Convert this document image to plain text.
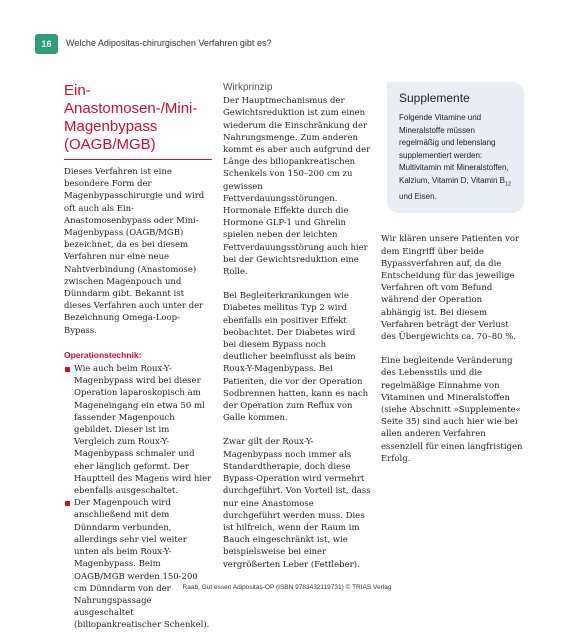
16	Welche Adipositas-chirurgischen Verfahren gibt es?
Ein-Anastomosen-/Mini-Magenbypass (OAGB/MGB)

Dieses Verfahren ist eine besondere Form der Magenbypasschirurgie und wird oft auch als Ein-Anastomosenbypass oder Mini-Magenbypass (OAGB/MGB) bezeichnet, da es bei diesem Verfahren nur eine neue Nahtverbindung (Anastomose) zwischen Magenpouch und Dünndarm gibt. Bekannt ist dieses Verfahren auch unter der Bezeichnung Omega-Loop-Bypass.

Operationstechnik:
Wie auch beim Roux-Y-Magenbypass wird bei dieser Operation laparoskopisch am Mageneingang ein etwa 50 ml fassender Magenpouch gebildet. Dieser ist im Vergleich zum Roux-Y-Magenbypass schmaler und eher länglich geformt. Der Hauptteil des Magens wird hier ebenfalls ausgeschaltet.
Der Magenpouch wird anschließend mit dem Dünndarm verbunden, allerdings sehr viel weiter unten als beim Roux-Y-Magenbypass. Beim OAGB/MGB werden 150-200 cm Dünndarm von der Nahrungspassage ausgeschaltet (biliopankreatischer Schenkel).
Wirkprinzip

Der Hauptmechanismus der Gewichtsreduktion ist zum einen wiederum die Einschränkung der Nahrungsmenge. Zum anderen kommt es aber auch aufgrund der Länge des biliopankreatischen Schenkels von 150–200 cm zu gewissen Fettverdauungsstörungen. Hormonale Effekte durch die Hormone GLP-1 und Ghrelin spielen neben der leichten Fettverdauungsstörung auch hier bei der Gewichtsreduktion eine Rolle.

Bei Begleiterkrankungen wie Diabetes mellitus Typ 2 wird ebenfalls ein positiver Effekt beobachtet. Der Diabetes wird bei diesem Bypass noch deutlicher beeinflusst als beim Roux-Y-Magenbypass. Bei Patienten, die vor der Operation Sodbrennen hatten, kann es nach der Operation zum Reflux von Galle kommen.

Zwar gilt der Roux-Y-Magenbypass noch immer als Standardtherapie, doch diese Bypass-Operation wird vermehrt durchgeführt. Von Vorteil ist, dass nur eine Anastomose durchgeführt werden muss. Dies ist hilfreich, wenn der Raum im Bauch eingeschränkt ist, wie beispielsweise bei einer vergrößerten Leber (Fettleber).

Supplemente
Folgende Vitamine und Mineralstoffe müssen regelmäßig und lebenslang supplementiert werden: Multivitamin mit Mineralstoffen, Kalzium, Vitamin D, Vitamin $B_{12}$ und Eisen.

Wir klären unsere Patienten vor dem Eingriff über beide Bypassverfahren auf, da die Entscheidung für das jeweilige Verfahren oft vom Befund während der Operation abhängig ist. Bei diesem Verfahren beträgt der Verlust des Übergewichts ca. 70–80 %.

Eine begleitende Veränderung des Lebensstils und die regelmäßige Einnahme von Vitaminen und Mineralstoffen (siehe Abschnitt »Supplemente« Seite 35) sind auch hier wie bei allen anderen Verfahren essenziell für einen langfristigen Erfolg.

Raab, Gut essen Adipositas-OP (ISBN 9783432119731) © TRIAS Verlag
